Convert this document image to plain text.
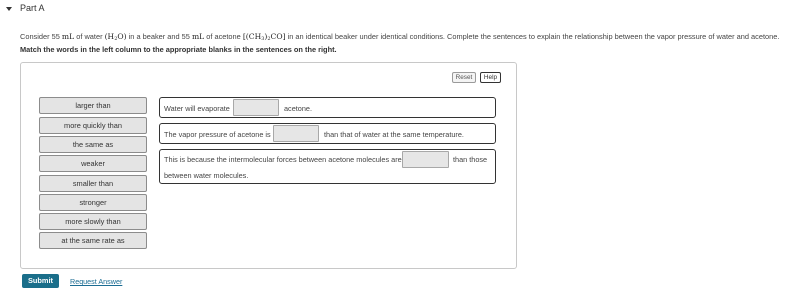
Part A
Consider 55 mL of water $(H_2O)$ in a beaker and 55 mL of acetone $[(CH_3)_2CO]$ in an identical beaker under identical conditions. Complete the sentences to explain the relationship between the vapor pressure of water and acetone.
Match the words in the left column to the appropriate blanks in the sentences on the right.
Reset	Help
larger than
more quickly than
the same as
weaker
smaller than
stronger
more slowly than
at the same rate as
Water will evaporate	acetone.
The vapor pressure of acetone is	than that of water at the same temperature.
This is because the intermolecular forces between acetone molecules are	than those
between water molecules.
Submit	Request Answer
